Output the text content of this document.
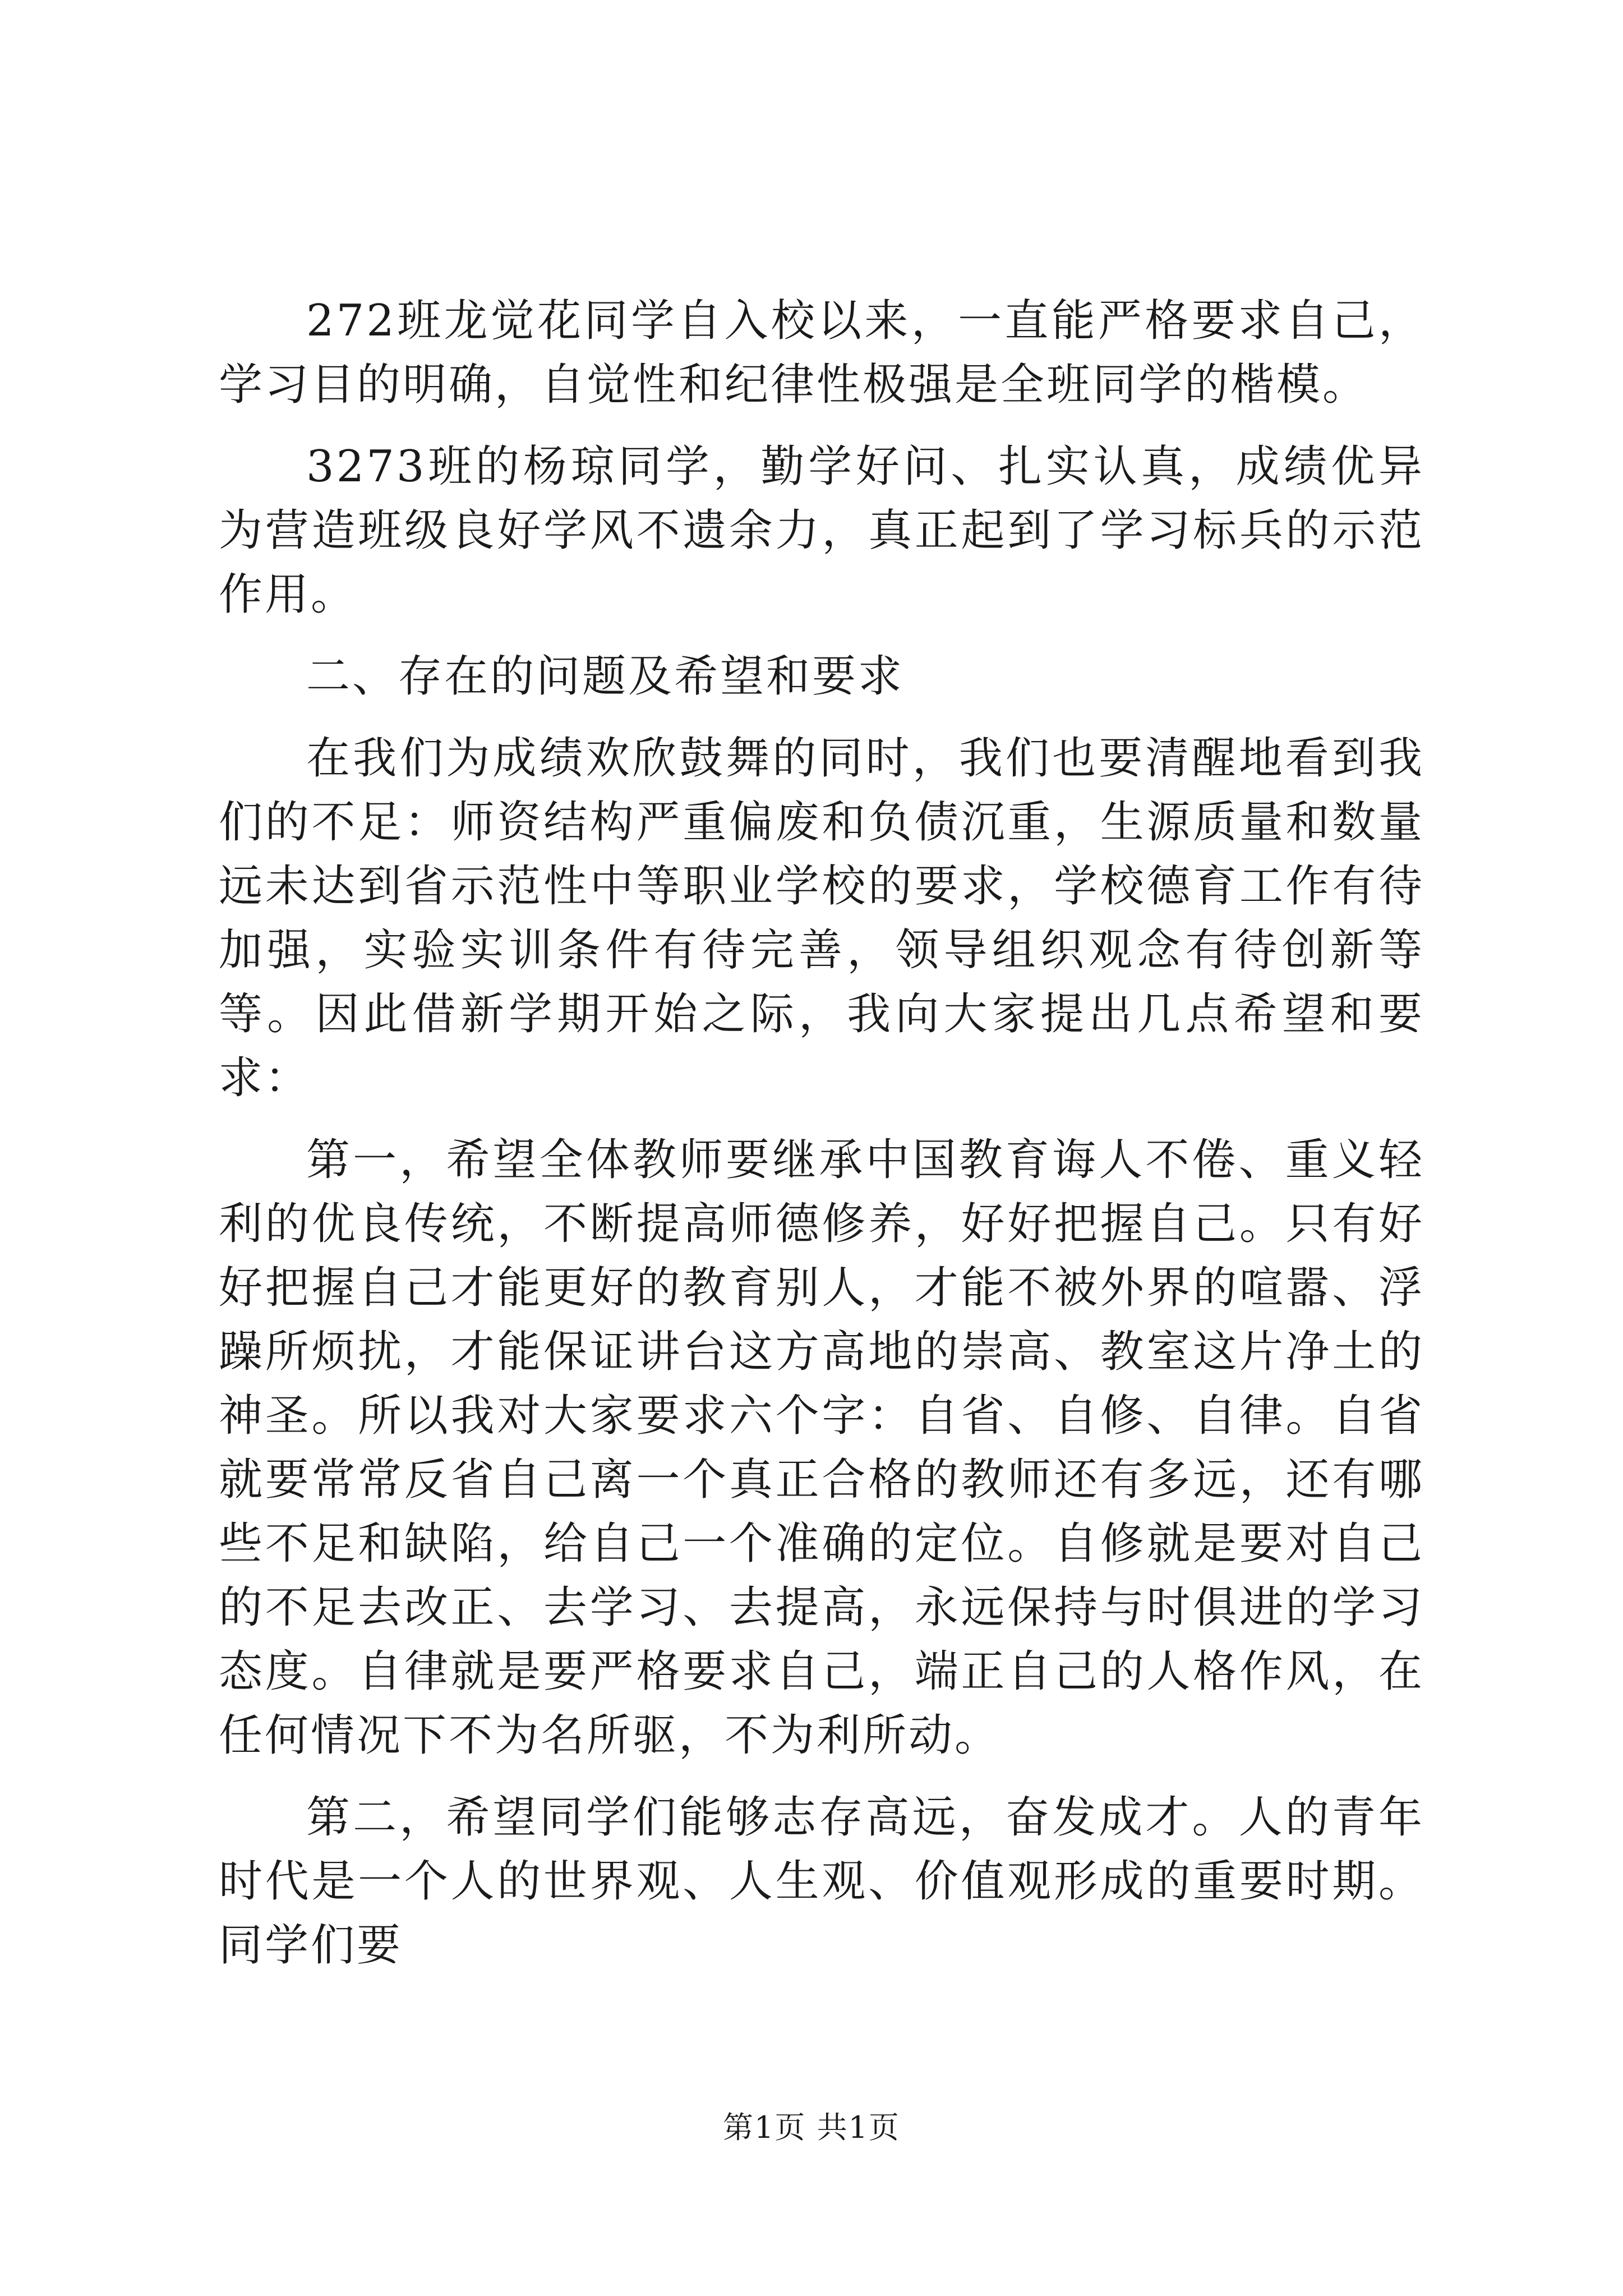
272班龙觉花同学自入校以来，一直能严格要求自己，学习目的明确，自觉性和纪律性极强是全班同学的楷模。

3273班的杨琼同学，勤学好问、扎实认真，成绩优异为营造班级良好学风不遗余力，真正起到了学习标兵的示范作用。

二、存在的问题及希望和要求

在我们为成绩欢欣鼓舞的同时，我们也要清醒地看到我们的不足：师资结构严重偏废和负债沉重，生源质量和数量远未达到省示范性中等职业学校的要求，学校德育工作有待加强，实验实训条件有待完善，领导组织观念有待创新等等。因此借新学期开始之际，我向大家提出几点希望和要求：

第一，希望全体教师要继承中国教育诲人不倦、重义轻利的优良传统，不断提高师德修养，好好把握自己。只有好好把握自己才能更好的教育别人，才能不被外界的喧嚣、浮躁所烦扰，才能保证讲台这方高地的崇高、教室这片净土的神圣。所以我对大家要求六个字：自省、自修、自律。自省就要常常反省自己离一个真正合格的教师还有多远，还有哪些不足和缺陷，给自己一个准确的定位。自修就是要对自己的不足去改正、去学习、去提高，永远保持与时俱进的学习态度。自律就是要严格要求自己，端正自己的人格作风，在任何情况下不为名所驱，不为利所动。

第二，希望同学们能够志存高远，奋发成才。人的青年时代是一个人的世界观、人生观、价值观形成的重要时期。同学们要

第1页 共1页
